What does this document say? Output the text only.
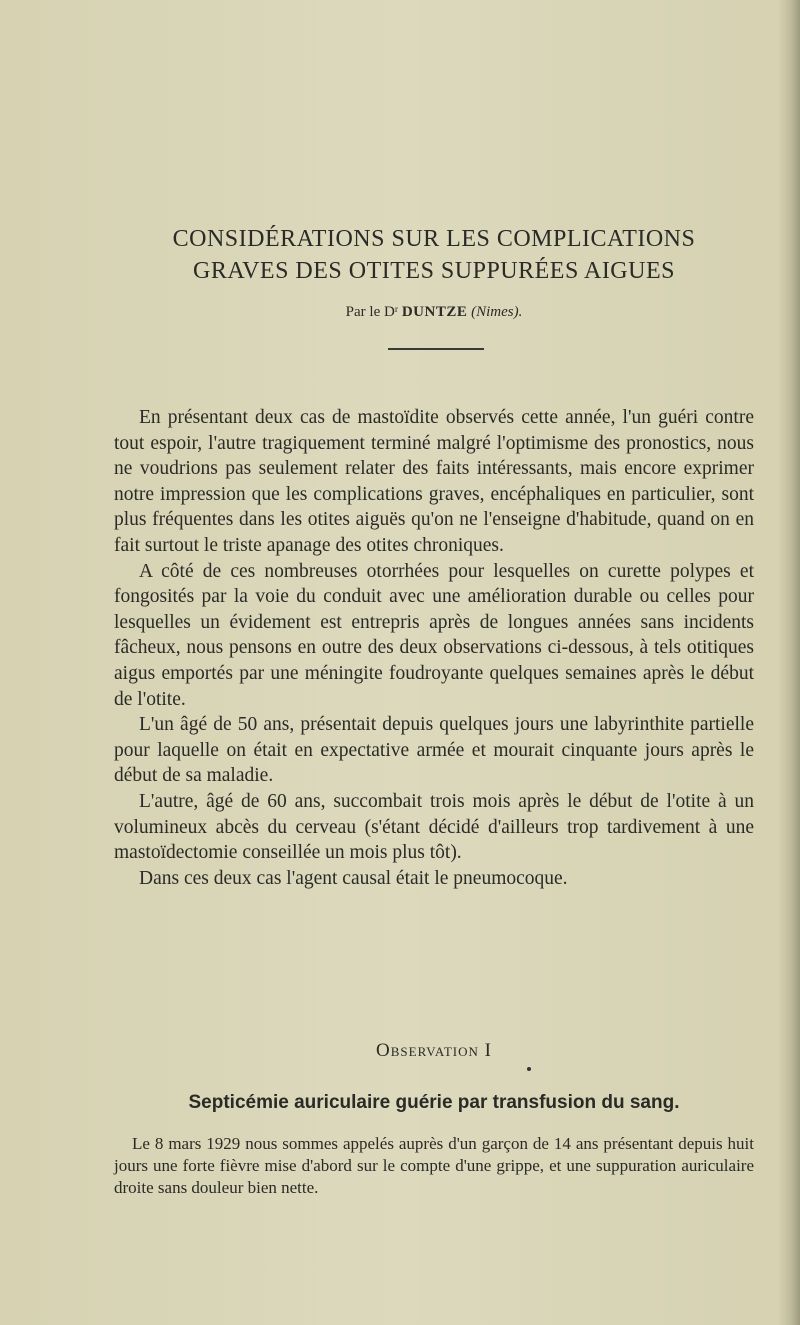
CONSIDÉRATIONS SUR LES COMPLICATIONS
GRAVES DES OTITES SUPPURÉES AIGUES
Par le Dʳ DUNTZE (Nimes).

En présentant deux cas de mastoïdite observés cette année, l'un guéri contre tout espoir, l'autre tragiquement terminé malgré l'optimisme des pronostics, nous ne voudrions pas seulement relater des faits intéressants, mais encore exprimer notre impression que les complications graves, encéphaliques en particulier, sont plus fréquentes dans les otites aiguës qu'on ne l'enseigne d'habitude, quand on en fait surtout le triste apanage des otites chroniques.

A côté de ces nombreuses otorrhées pour lesquelles on curette polypes et fongosités par la voie du conduit avec une amélioration durable ou celles pour lesquelles un évidement est entrepris après de longues années sans incidents fâcheux, nous pensons en outre des deux observations ci-dessous, à tels otitiques aigus emportés par une méningite foudroyante quelques semaines après le début de l'otite.

L'un âgé de 50 ans, présentait depuis quelques jours une labyrinthite partielle pour laquelle on était en expectative armée et mourait cinquante jours après le début de sa maladie.

L'autre, âgé de 60 ans, succombait trois mois après le début de l'otite à un volumineux abcès du cerveau (s'étant décidé d'ailleurs trop tardivement à une mastoïdectomie conseillée un mois plus tôt).

Dans ces deux cas l'agent causal était le pneumocoque.

Observation I
Septicémie auriculaire guérie par transfusion du sang.

Le 8 mars 1929 nous sommes appelés auprès d'un garçon de 14 ans présentant depuis huit jours une forte fièvre mise d'abord sur le compte d'une grippe, et une suppuration auriculaire droite sans douleur bien nette.
